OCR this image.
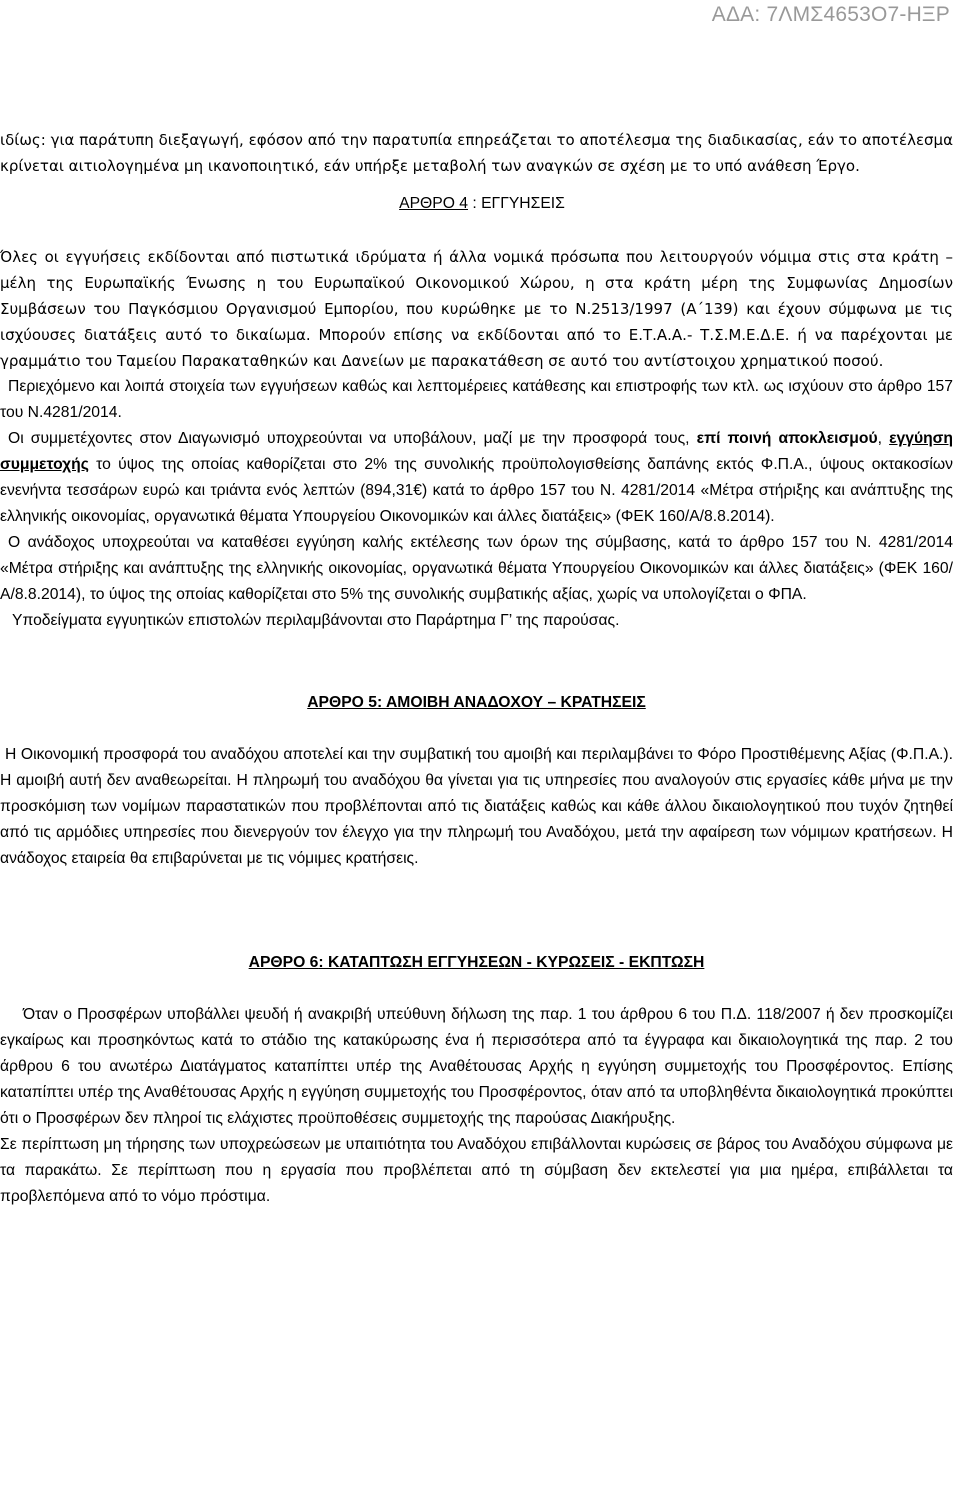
ΑΔΑ: 7ΛΜΣ4653Ο7-ΗΞΡ

ιδίως: για παράτυπη διεξαγωγή, εφόσον από την παρατυπία επηρεάζεται το αποτέλεσμα της διαδικασίας, εάν το αποτέλεσμα κρίνεται αιτιολογημένα μη ικανοποιητικό, εάν υπήρξε μεταβολή των αναγκών σε σχέση με το υπό ανάθεση Έργο.

ΑΡΘΡΟ 4 : ΕΓΓΥΗΣΕΙΣ

Όλες οι εγγυήσεις εκδίδονται από πιστωτικά ιδρύματα ή άλλα νομικά πρόσωπα που λειτουργούν νόμιμα στις στα κράτη – μέλη της Ευρωπαϊκής Ένωσης η του Ευρωπαϊκού Οικονομικού Χώρου, η στα κράτη μέρη της Συμφωνίας Δημοσίων Συμβάσεων του Παγκόσμιου Οργανισμού Εμπορίου, που κυρώθηκε με το Ν.2513/1997 (Α΄139) και έχουν σύμφωνα με τις ισχύουσες διατάξεις αυτό το δικαίωμα. Μπορούν επίσης να εκδίδονται από το Ε.Τ.Α.Α.- Τ.Σ.Μ.Ε.Δ.Ε. ή να παρέχονται με γραμμάτιο του Ταμείου Παρακαταθηκών και Δανείων με παρακατάθεση σε αυτό του αντίστοιχου χρηματικού ποσού.

Περιεχόμενο και λοιπά στοιχεία των εγγυήσεων καθώς και λεπτομέρειες κατάθεσης και επιστροφής των κτλ. ως ισχύουν στο άρθρο 157 του Ν.4281/2014.

Οι συμμετέχοντες στον Διαγωνισμό υποχρεούνται να υποβάλουν, μαζί με την προσφορά τους, επί ποινή αποκλεισμού, εγγύηση συμμετοχής το ύψος της οποίας καθορίζεται στο 2% της συνολικής προϋπολογισθείσης δαπάνης εκτός Φ.Π.Α., ύψους οκτακοσίων ενενήντα τεσσάρων ευρώ και τριάντα ενός λεπτών (894,31€) κατά το άρθρο 157 του Ν. 4281/2014 «Μέτρα στήριξης και ανάπτυξης της ελληνικής οικονομίας, οργανωτικά θέματα Υπουργείου Οικονομικών και άλλες διατάξεις» (ΦΕΚ 160/Α/8.8.2014).

Ο ανάδοχος υποχρεούται να καταθέσει εγγύηση καλής εκτέλεσης των όρων της σύμβασης, κατά το άρθρο 157 του Ν. 4281/2014 «Μέτρα στήριξης και ανάπτυξης της ελληνικής οικονομίας, οργανωτικά θέματα Υπουργείου Οικονομικών και άλλες διατάξεις» (ΦΕΚ 160/Α/8.8.2014), το ύψος της οποίας καθορίζεται στο 5% της συνολικής συμβατικής αξίας, χωρίς να υπολογίζεται ο ΦΠΑ.

Υποδείγματα εγγυητικών επιστολών περιλαμβάνονται στο Παράρτημα Γ’ της παρούσας.

ΑΡΘΡΟ 5: ΑΜΟΙΒΗ ΑΝΑΔΟΧΟΥ – ΚΡΑΤΗΣΕΙΣ

Η Οικονομική προσφορά του αναδόχου αποτελεί και την συμβατική του αμοιβή και περιλαμβάνει το Φόρο Προστιθέμενης Αξίας (Φ.Π.Α.). Η αμοιβή αυτή δεν αναθεωρείται. Η πληρωμή του αναδόχου θα γίνεται για τις υπηρεσίες που αναλογούν στις εργασίες κάθε μήνα με την προσκόμιση των νομίμων παραστατικών που προβλέπονται από τις διατάξεις καθώς και κάθε άλλου δικαιολογητικού που τυχόν ζητηθεί από τις αρμόδιες υπηρεσίες που διενεργούν τον έλεγχο για την πληρωμή του Αναδόχου, μετά την αφαίρεση των νόμιμων κρατήσεων. Η ανάδοχος εταιρεία θα επιβαρύνεται με τις νόμιμες κρατήσεις.

ΑΡΘΡΟ 6: ΚΑΤΑΠΤΩΣΗ ΕΓΓΥΗΣΕΩΝ - ΚΥΡΩΣΕΙΣ - ΕΚΠΤΩΣΗ

Όταν ο Προσφέρων υποβάλλει ψευδή ή ανακριβή υπεύθυνη δήλωση της παρ. 1 του άρθρου 6 του Π.Δ. 118/2007 ή δεν προσκομίζει εγκαίρως και προσηκόντως κατά το στάδιο της κατακύρωσης ένα ή περισσότερα από τα έγγραφα και δικαιολογητικά της παρ. 2 του άρθρου 6 του ανωτέρω Διατάγματος καταπίπτει υπέρ της Αναθέτουσας Αρχής η εγγύηση συμμετοχής του Προσφέροντος. Επίσης καταπίπτει υπέρ της Αναθέτουσας Αρχής η εγγύηση συμμετοχής του Προσφέροντος, όταν από τα υποβληθέντα δικαιολογητικά προκύπτει ότι ο Προσφέρων δεν πληροί τις ελάχιστες προϋποθέσεις συμμετοχής της παρούσας Διακήρυξης.

Σε περίπτωση μη τήρησης των υποχρεώσεων με υπαιτιότητα του Αναδόχου επιβάλλονται κυρώσεις σε βάρος του Αναδόχου σύμφωνα με τα παρακάτω. Σε περίπτωση που η εργασία που προβλέπεται από τη σύμβαση δεν εκτελεστεί για μια ημέρα, επιβάλλεται τα προβλεπόμενα από το νόμο πρόστιμα.
